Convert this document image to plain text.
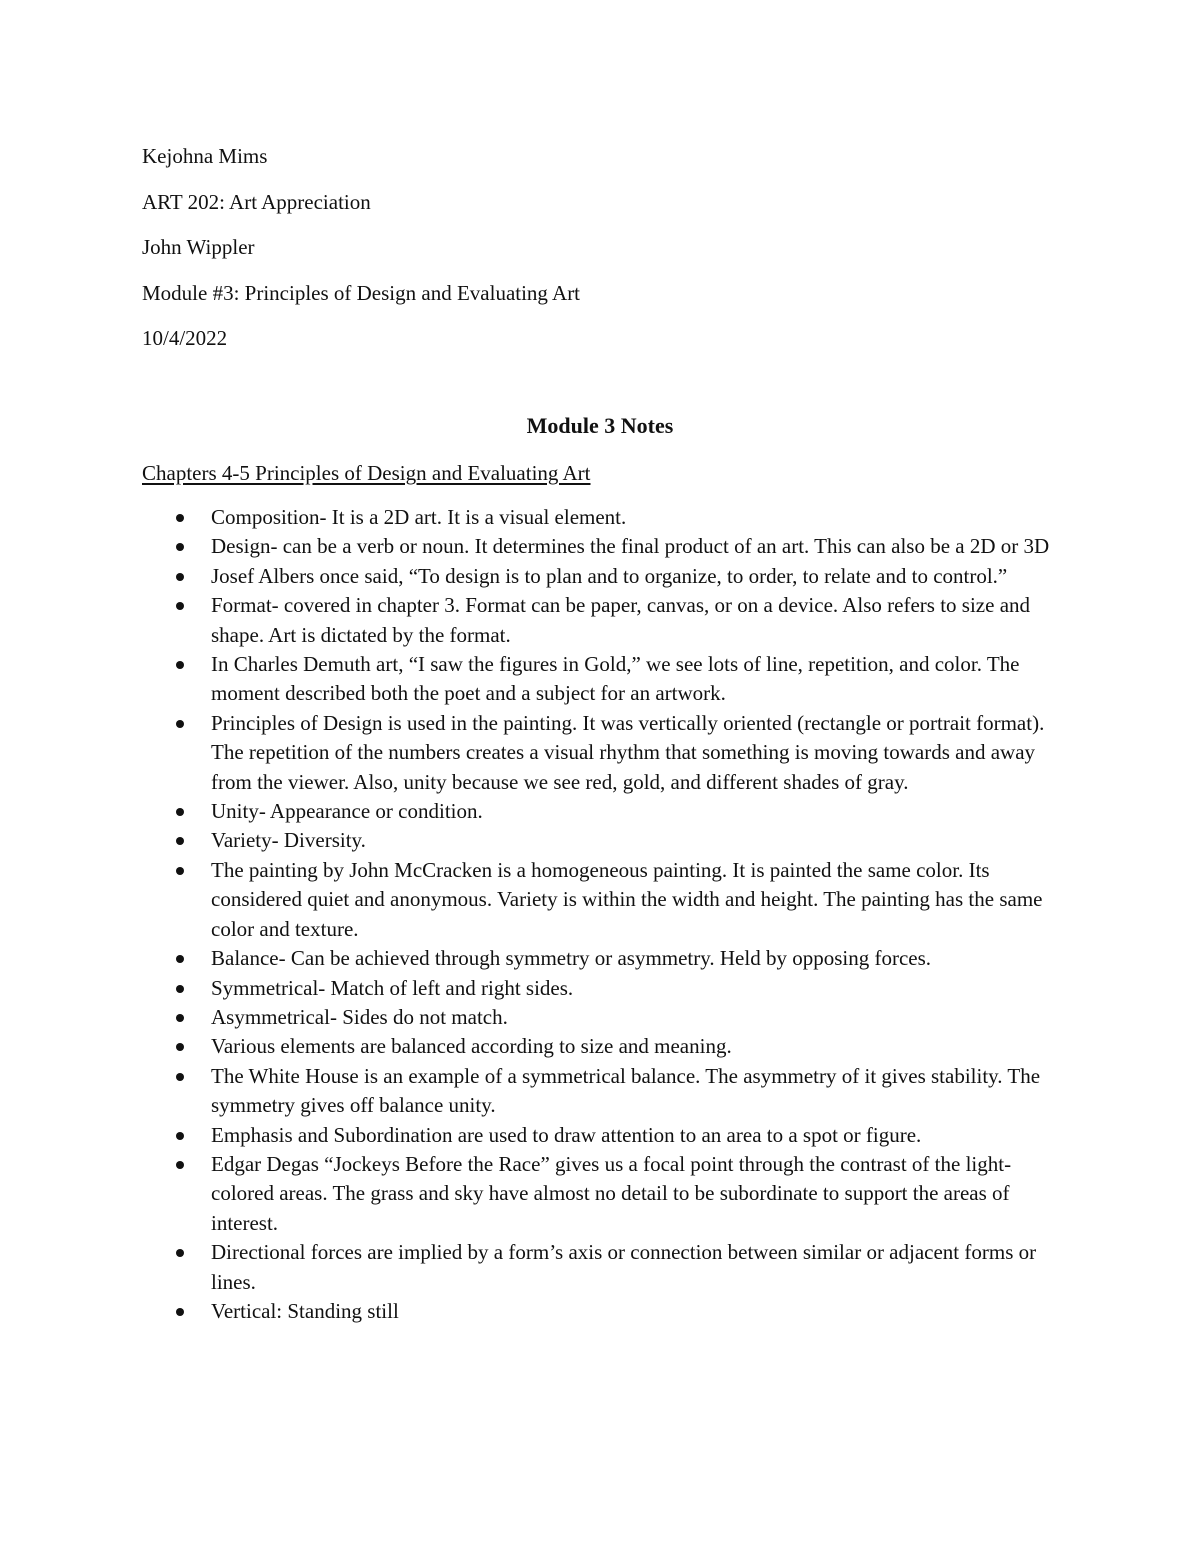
Kejohna Mims
ART 202: Art Appreciation
John Wippler
Module #3: Principles of Design and Evaluating Art
10/4/2022
Module 3 Notes
Chapters 4-5 Principles of Design and Evaluating Art
Composition- It is a 2D art. It is a visual element.
Design- can be a verb or noun. It determines the final product of an art. This can also be a 2D or 3D
Josef Albers once said, “To design is to plan and to organize, to order, to relate and to control.”
Format- covered in chapter 3. Format can be paper, canvas, or on a device. Also refers to size and shape. Art is dictated by the format.
In Charles Demuth art, “I saw the figures in Gold,” we see lots of line, repetition, and color. The moment described both the poet and a subject for an artwork.
Principles of Design is used in the painting. It was vertically oriented (rectangle or portrait format). The repetition of the numbers creates a visual rhythm that something is moving towards and away from the viewer. Also, unity because we see red, gold, and different shades of gray.
Unity- Appearance or condition.
Variety- Diversity.
The painting by John McCracken is a homogeneous painting. It is painted the same color. Its considered quiet and anonymous. Variety is within the width and height. The painting has the same color and texture.
Balance- Can be achieved through symmetry or asymmetry. Held by opposing forces.
Symmetrical- Match of left and right sides.
Asymmetrical- Sides do not match.
Various elements are balanced according to size and meaning.
The White House is an example of a symmetrical balance. The asymmetry of it gives stability. The symmetry gives off balance unity.
Emphasis and Subordination are used to draw attention to an area to a spot or figure.
Edgar Degas “Jockeys Before the Race” gives us a focal point through the contrast of the light-colored areas. The grass and sky have almost no detail to be subordinate to support the areas of interest.
Directional forces are implied by a form’s axis or connection between similar or adjacent forms or lines.
Vertical: Standing still
